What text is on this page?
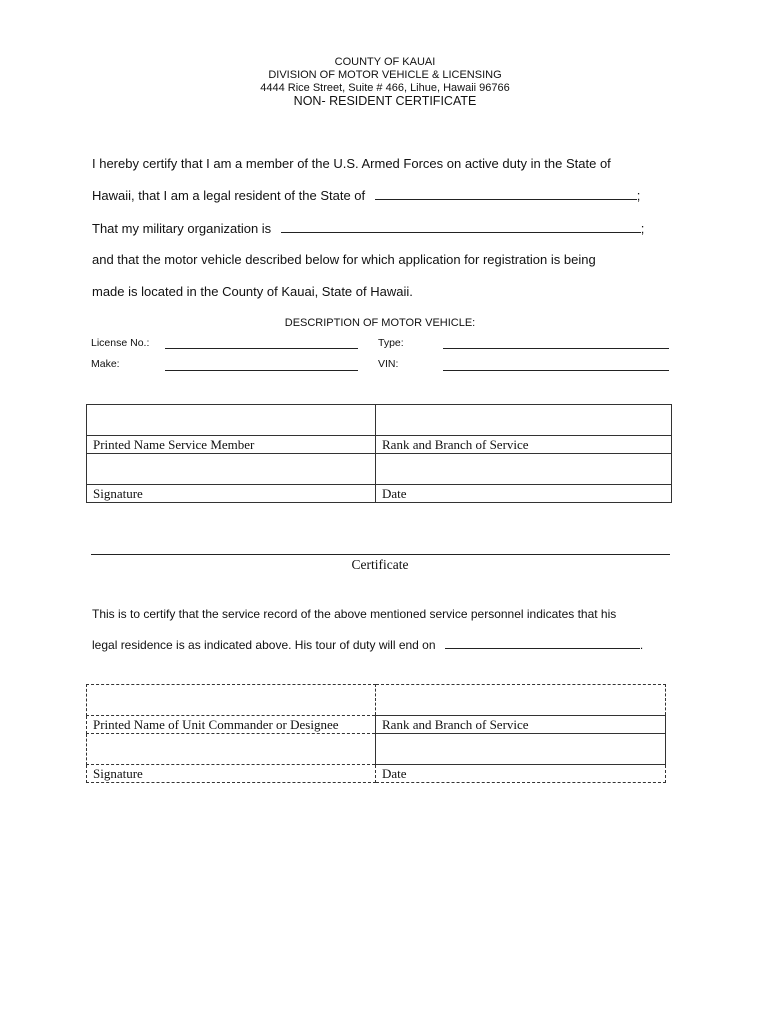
COUNTY OF KAUAI
DIVISION OF MOTOR VEHICLE & LICENSING
4444 Rice Street, Suite # 466, Lihue, Hawaii 96766
NON- RESIDENT CERTIFICATE
I hereby certify that I am a member of the U.S. Armed Forces on active duty in the State of
Hawaii, that I am a legal resident of the State of	;
That my military organization is	;
and that the motor vehicle described below for which application for registration is being
made is located in the County of Kauai, State of Hawaii.
DESCRIPTION OF MOTOR VEHICLE:
License No.:	Type:
Make:	VIN:

Printed Name Service Member	Rank and Branch of Service

Signature	Date
Certificate
This is to certify that the service record of the above mentioned service personnel indicates that his
legal residence is as indicated above. His tour of duty will end on	.

Printed Name of Unit Commander or Designee	Rank and Branch of Service

Signature	Date
